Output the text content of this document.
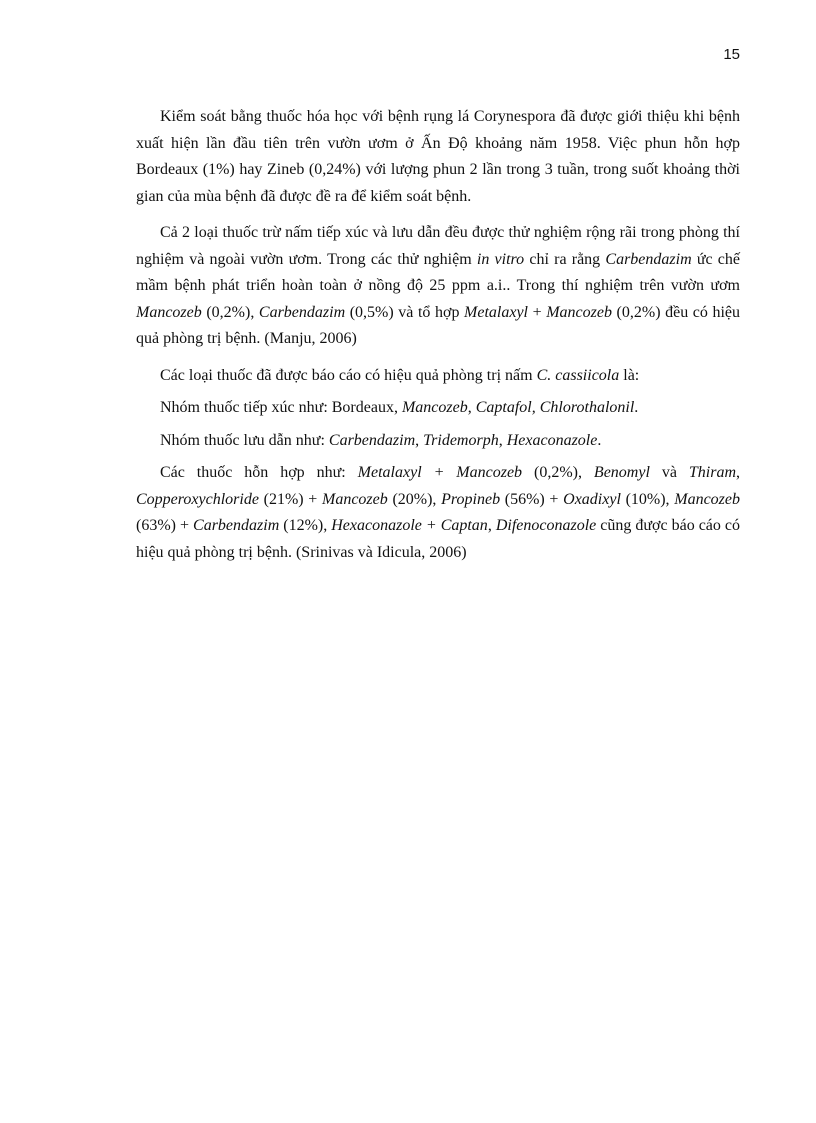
15

Kiểm soát bằng thuốc hóa học với bệnh rụng lá Corynespora đã được giới thiệu khi bệnh xuất hiện lần đầu tiên trên vườn ươm ở Ấn Độ khoảng năm 1958. Việc phun hỗn hợp Bordeaux (1%) hay Zineb (0,24%) với lượng phun 2 lần trong 3 tuần, trong suốt khoảng thời gian của mùa bệnh đã được đề ra để kiểm soát bệnh.

Cả 2 loại thuốc trừ nấm tiếp xúc và lưu dẫn đều được thử nghiệm rộng rãi trong phòng thí nghiệm và ngoài vườn ươm. Trong các thử nghiệm in vitro chỉ ra rằng Carbendazim ức chế mầm bệnh phát triển hoàn toàn ở nồng độ 25 ppm a.i.. Trong thí nghiệm trên vườn ươm Mancozeb (0,2%), Carbendazim (0,5%) và tổ hợp Metalaxyl + Mancozeb (0,2%) đều có hiệu quả phòng trị bệnh. (Manju, 2006)

Các loại thuốc đã được báo cáo có hiệu quả phòng trị nấm C. cassiicola là:

Nhóm thuốc tiếp xúc như: Bordeaux, Mancozeb, Captafol, Chlorothalonil.

Nhóm thuốc lưu dẫn như: Carbendazim, Tridemorph, Hexaconazole.

Các thuốc hỗn hợp như: Metalaxyl + Mancozeb (0,2%), Benomyl và Thiram, Copperoxychloride (21%) + Mancozeb (20%), Propineb (56%) + Oxadixyl (10%), Mancozeb (63%) + Carbendazim (12%), Hexaconazole + Captan, Difenoconazole cũng được báo cáo có hiệu quả phòng trị bệnh. (Srinivas và Idicula, 2006)
